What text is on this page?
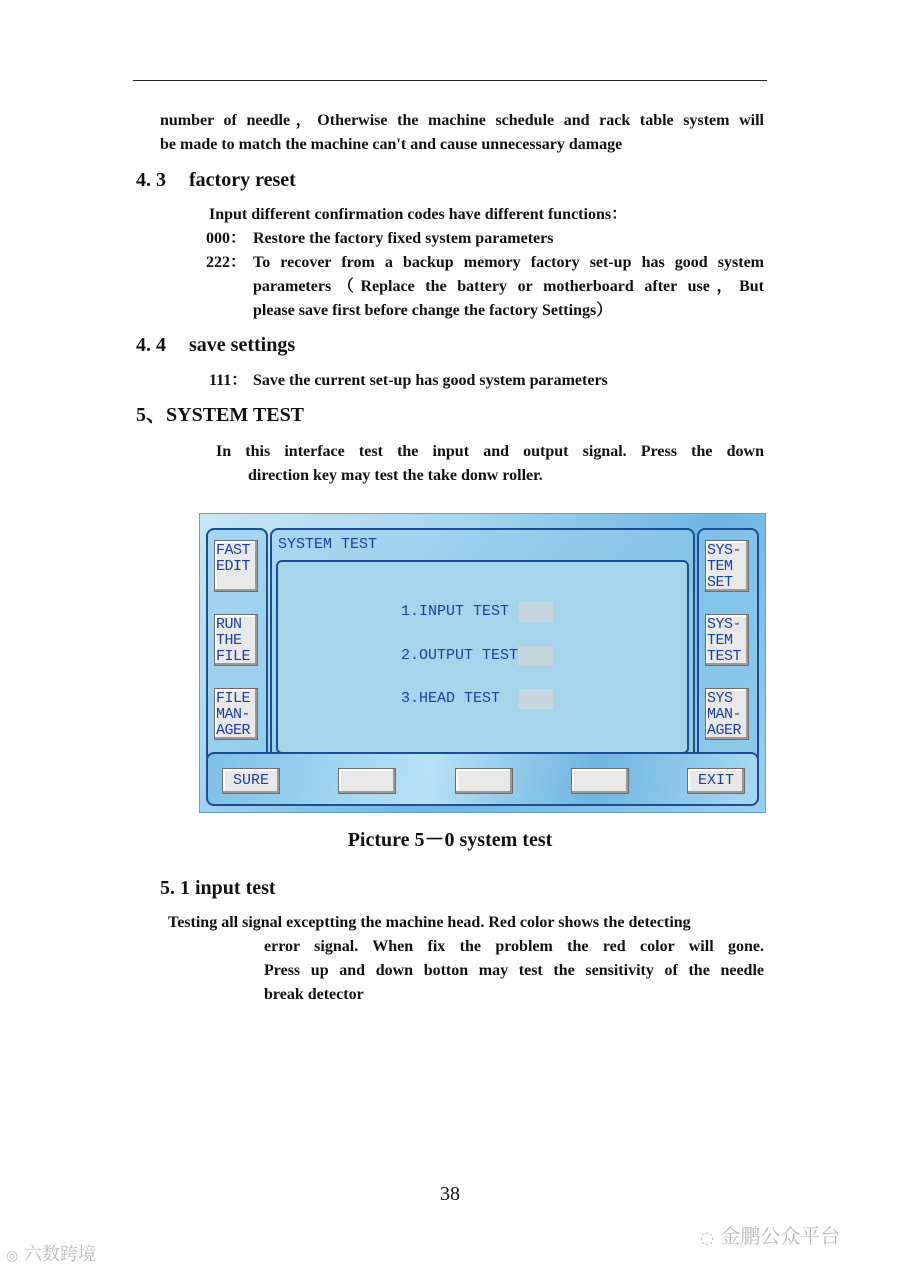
number of needle，Otherwise the machine schedule and rack table system will
be made to match the machine can't and cause unnecessary damage
4. 3 factory reset
Input different confirmation codes have different functions：
000： Restore the factory fixed system parameters
222： To recover from a backup memory factory set-up has good system
parameters（Replace the battery or motherboard after use，But
please save first before change the factory Settings）
4. 4 save settings
111： Save the current set-up has good system parameters
5、SYSTEM TEST
In this interface test the input and output signal. Press the down
direction key may test the take donw roller.
FAST
EDIT
RUN
THE
FILE
FILE
MAN-
AGER
SYSTEM TEST
1.INPUT TEST
2.OUTPUT TEST
3.HEAD TEST
SYS-
TEM
SET
SYS-
TEM
TEST
SYS
MAN-
AGER
SURE	EXIT
Picture 5－0 system test
5. 1 input test
Testing all signal exceptting the machine head. Red color shows the detecting
error signal. When fix the problem the red color will gone.
Press up and down botton may test the sensitivity of the needle
break detector
38
◎ 六数跨境
◌ 金鹏公众平台
